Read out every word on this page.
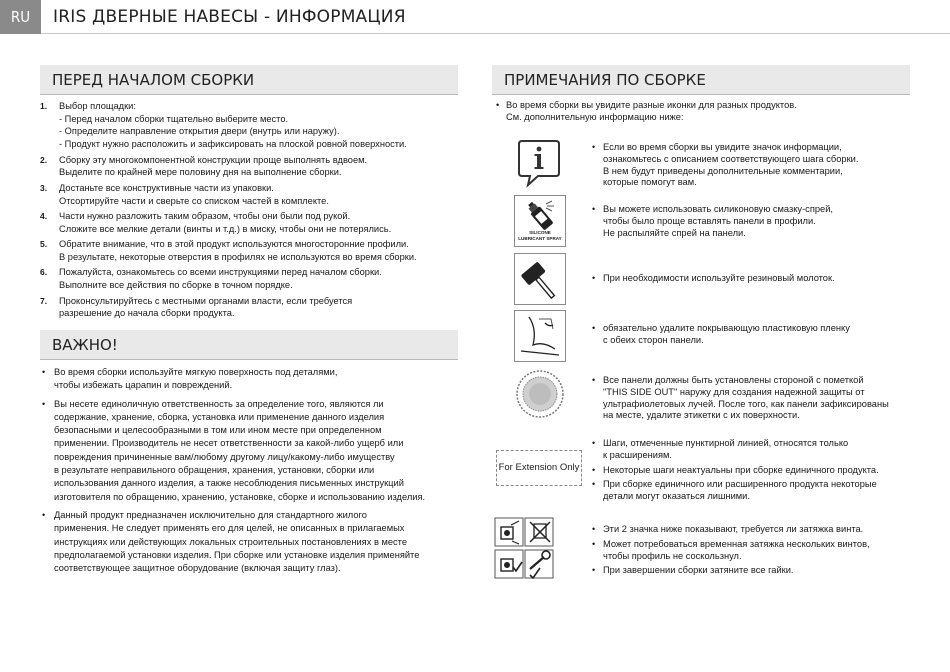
RU	IRIS ДВЕРНЫЕ НАВЕСЫ - ИНФОРМАЦИЯ
ПЕРЕД НАЧАЛОМ СБОРКИ
1. Выбор площадки:
- Перед началом сборки тщательно выберите место.
- Определите направление открытия двери (внутрь или наружу).
- Продукт нужно расположить и зафиксировать на плоской ровной поверхности.
2. Сборку эту многокомпонентной конструкции проще выполнять вдвоем.
Выделите по крайней мере половину дня на выполнение сборки.
3. Достаньте все конструктивные части из упаковки.
Отсортируйте части и сверьте со списком частей в комплекте.
4. Части нужно разложить таким образом, чтобы они были под рукой.
Сложите все мелкие детали (винты и т.д.) в миску, чтобы они не потерялись.
5. Обратите внимание, что в этой продукт используются многосторонние профили.
В результате, некоторые отверстия в профилях не используются во время сборки.
6. Пожалуйста, ознакомьтесь со всеми инструкциями перед началом сборки.
Выполните все действия по сборке в точном порядке.
7. Проконсультируйтесь с местными органами власти, если требуется
разрешение до начала сборки продукта.
ВАЖНО!
• Во время сборки используйте мягкую поверхность под деталями,
чтобы избежать царапин и повреждений.
• Вы несете единоличную ответственность за определение того, являются ли
содержание, хранение, сборка, установка или применение данного изделия
безопасными и целесообразными в том или ином месте при определенном
применении. Производитель не несет ответственности за какой-либо ущерб или
повреждения причиненные вам/любому другому лицу/какому-либо имуществу
в результате неправильного обращения, хранения, установки, сборки или
использования данного изделия, а также несоблюдения письменных инструкций
изготовителя по обращению, хранению, установке, сборке и использованию изделия.
• Данный продукт предназначен исключительно для стандартного жилого
применения. Не следует применять его для целей, не описанных в прилагаемых
инструкциях или действующих локальных строительных постановлениях в месте
предполагаемой установки изделия. При сборке или установке изделия применяйте
соответствующее защитное оборудование (включая защиту глаз).
ПРИМЕЧАНИЯ ПО СБОРКЕ
• Во время сборки вы увидите разные иконки для разных продуктов.
См. дополнительную информацию ниже:
• Если во время сборки вы увидите значок информации,
ознакомьтесь с описанием соответствующего шага сборки.
В нем будут приведены дополнительные комментарии,
которые помогут вам.
SILICONE LUBRICANT SPRAY
• Вы можете использовать силиконовую смазку-спрей,
чтобы было проще вставлять панели в профили.
Не распыляйте спрей на панели.
• При необходимости используйте резиновый молоток.
• обязательно удалите покрывающую пластиковую пленку
с обеих сторон панели.
• Все панели должны быть установлены стороной с пометкой
"THIS SIDE OUT" наружу для создания надежной защиты от
ультрафиолетовых лучей. После того, как панели зафиксированы
на месте, удалите этикетки с их поверхности.
For Extension Only
• Шаги, отмеченные пунктирной линией, относятся только
к расширениям.
• Некоторые шаги неактуальны при сборке единичного продукта.
• При сборке единичного или расширенного продукта некоторые
детали могут оказаться лишними.
• Эти 2 значка ниже показывают, требуется ли затяжка винта.
• Может потребоваться временная затяжка нескольких винтов,
чтобы профиль не соскользнул.
• При завершении сборки затяните все гайки.
